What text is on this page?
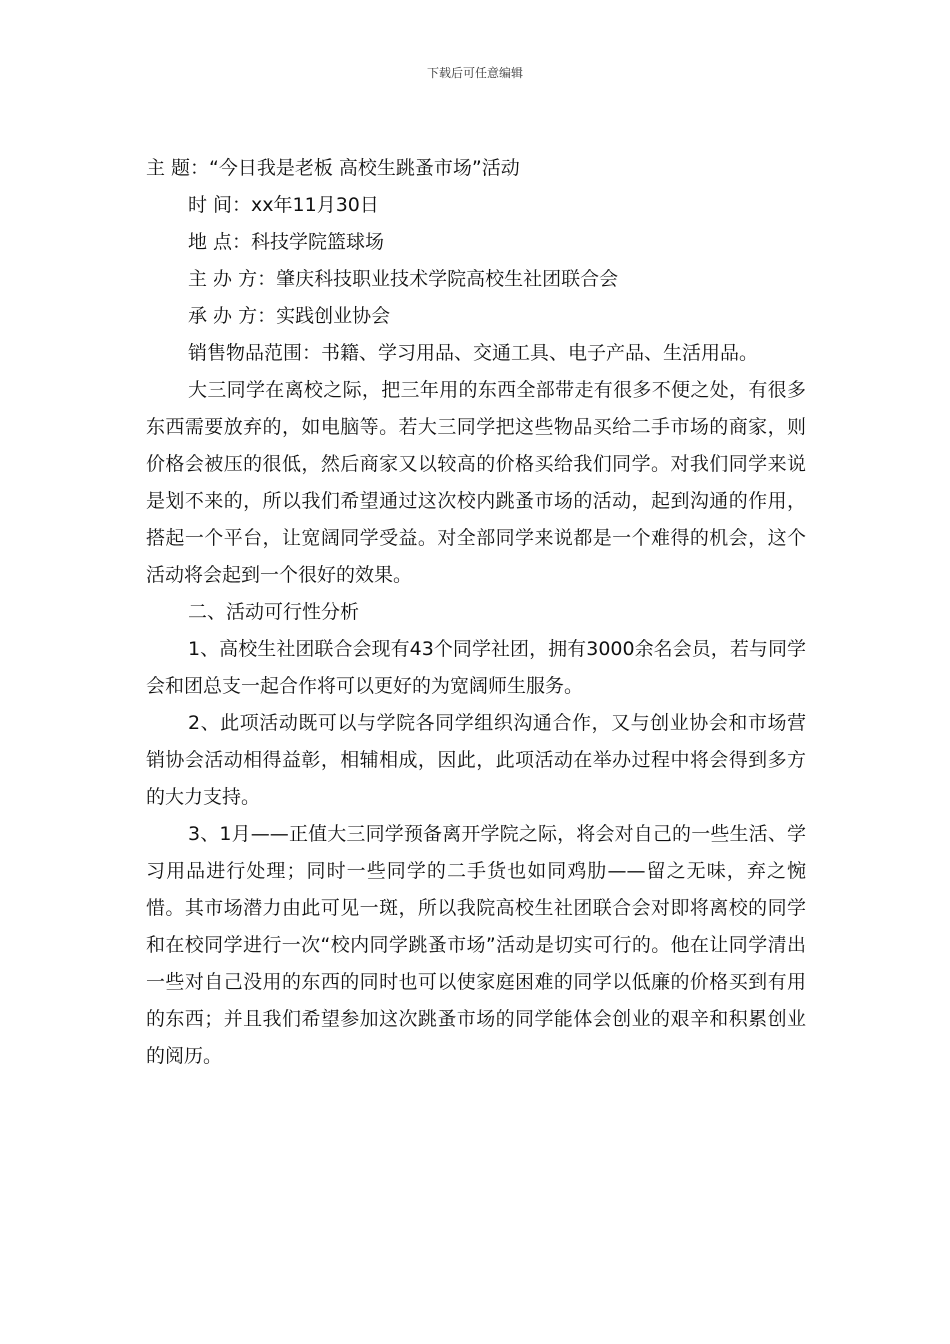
下载后可任意编辑

主 题：“今日我是老板 高校生跳蚤市场”活动

时 间：xx年11月30日

地 点：科技学院篮球场

主 办 方：肇庆科技职业技术学院高校生社团联合会

承 办 方：实践创业协会

销售物品范围：书籍、学习用品、交通工具、电子产品、生活用品。

大三同学在离校之际，把三年用的东西全部带走有很多不便之处，有很多东西需要放弃的，如电脑等。若大三同学把这些物品买给二手市场的商家，则价格会被压的很低，然后商家又以较高的价格买给我们同学。对我们同学来说是划不来的，所以我们希望通过这次校内跳蚤市场的活动，起到沟通的作用，搭起一个平台，让宽阔同学受益。对全部同学来说都是一个难得的机会，这个活动将会起到一个很好的效果。

二、活动可行性分析

1、高校生社团联合会现有43个同学社团，拥有3000余名会员，若与同学会和团总支一起合作将可以更好的为宽阔师生服务。

2、此项活动既可以与学院各同学组织沟通合作，又与创业协会和市场营销协会活动相得益彰，相辅相成，因此，此项活动在举办过程中将会得到多方的大力支持。

3、1月——正值大三同学预备离开学院之际，将会对自己的一些生活、学习用品进行处理；同时一些同学的二手货也如同鸡肋——留之无味，弃之惋惜。其市场潜力由此可见一斑，所以我院高校生社团联合会对即将离校的同学和在校同学进行一次“校内同学跳蚤市场”活动是切实可行的。他在让同学清出一些对自己没用的东西的同时也可以使家庭困难的同学以低廉的价格买到有用的东西；并且我们希望参加这次跳蚤市场的同学能体会创业的艰辛和积累创业的阅历。
